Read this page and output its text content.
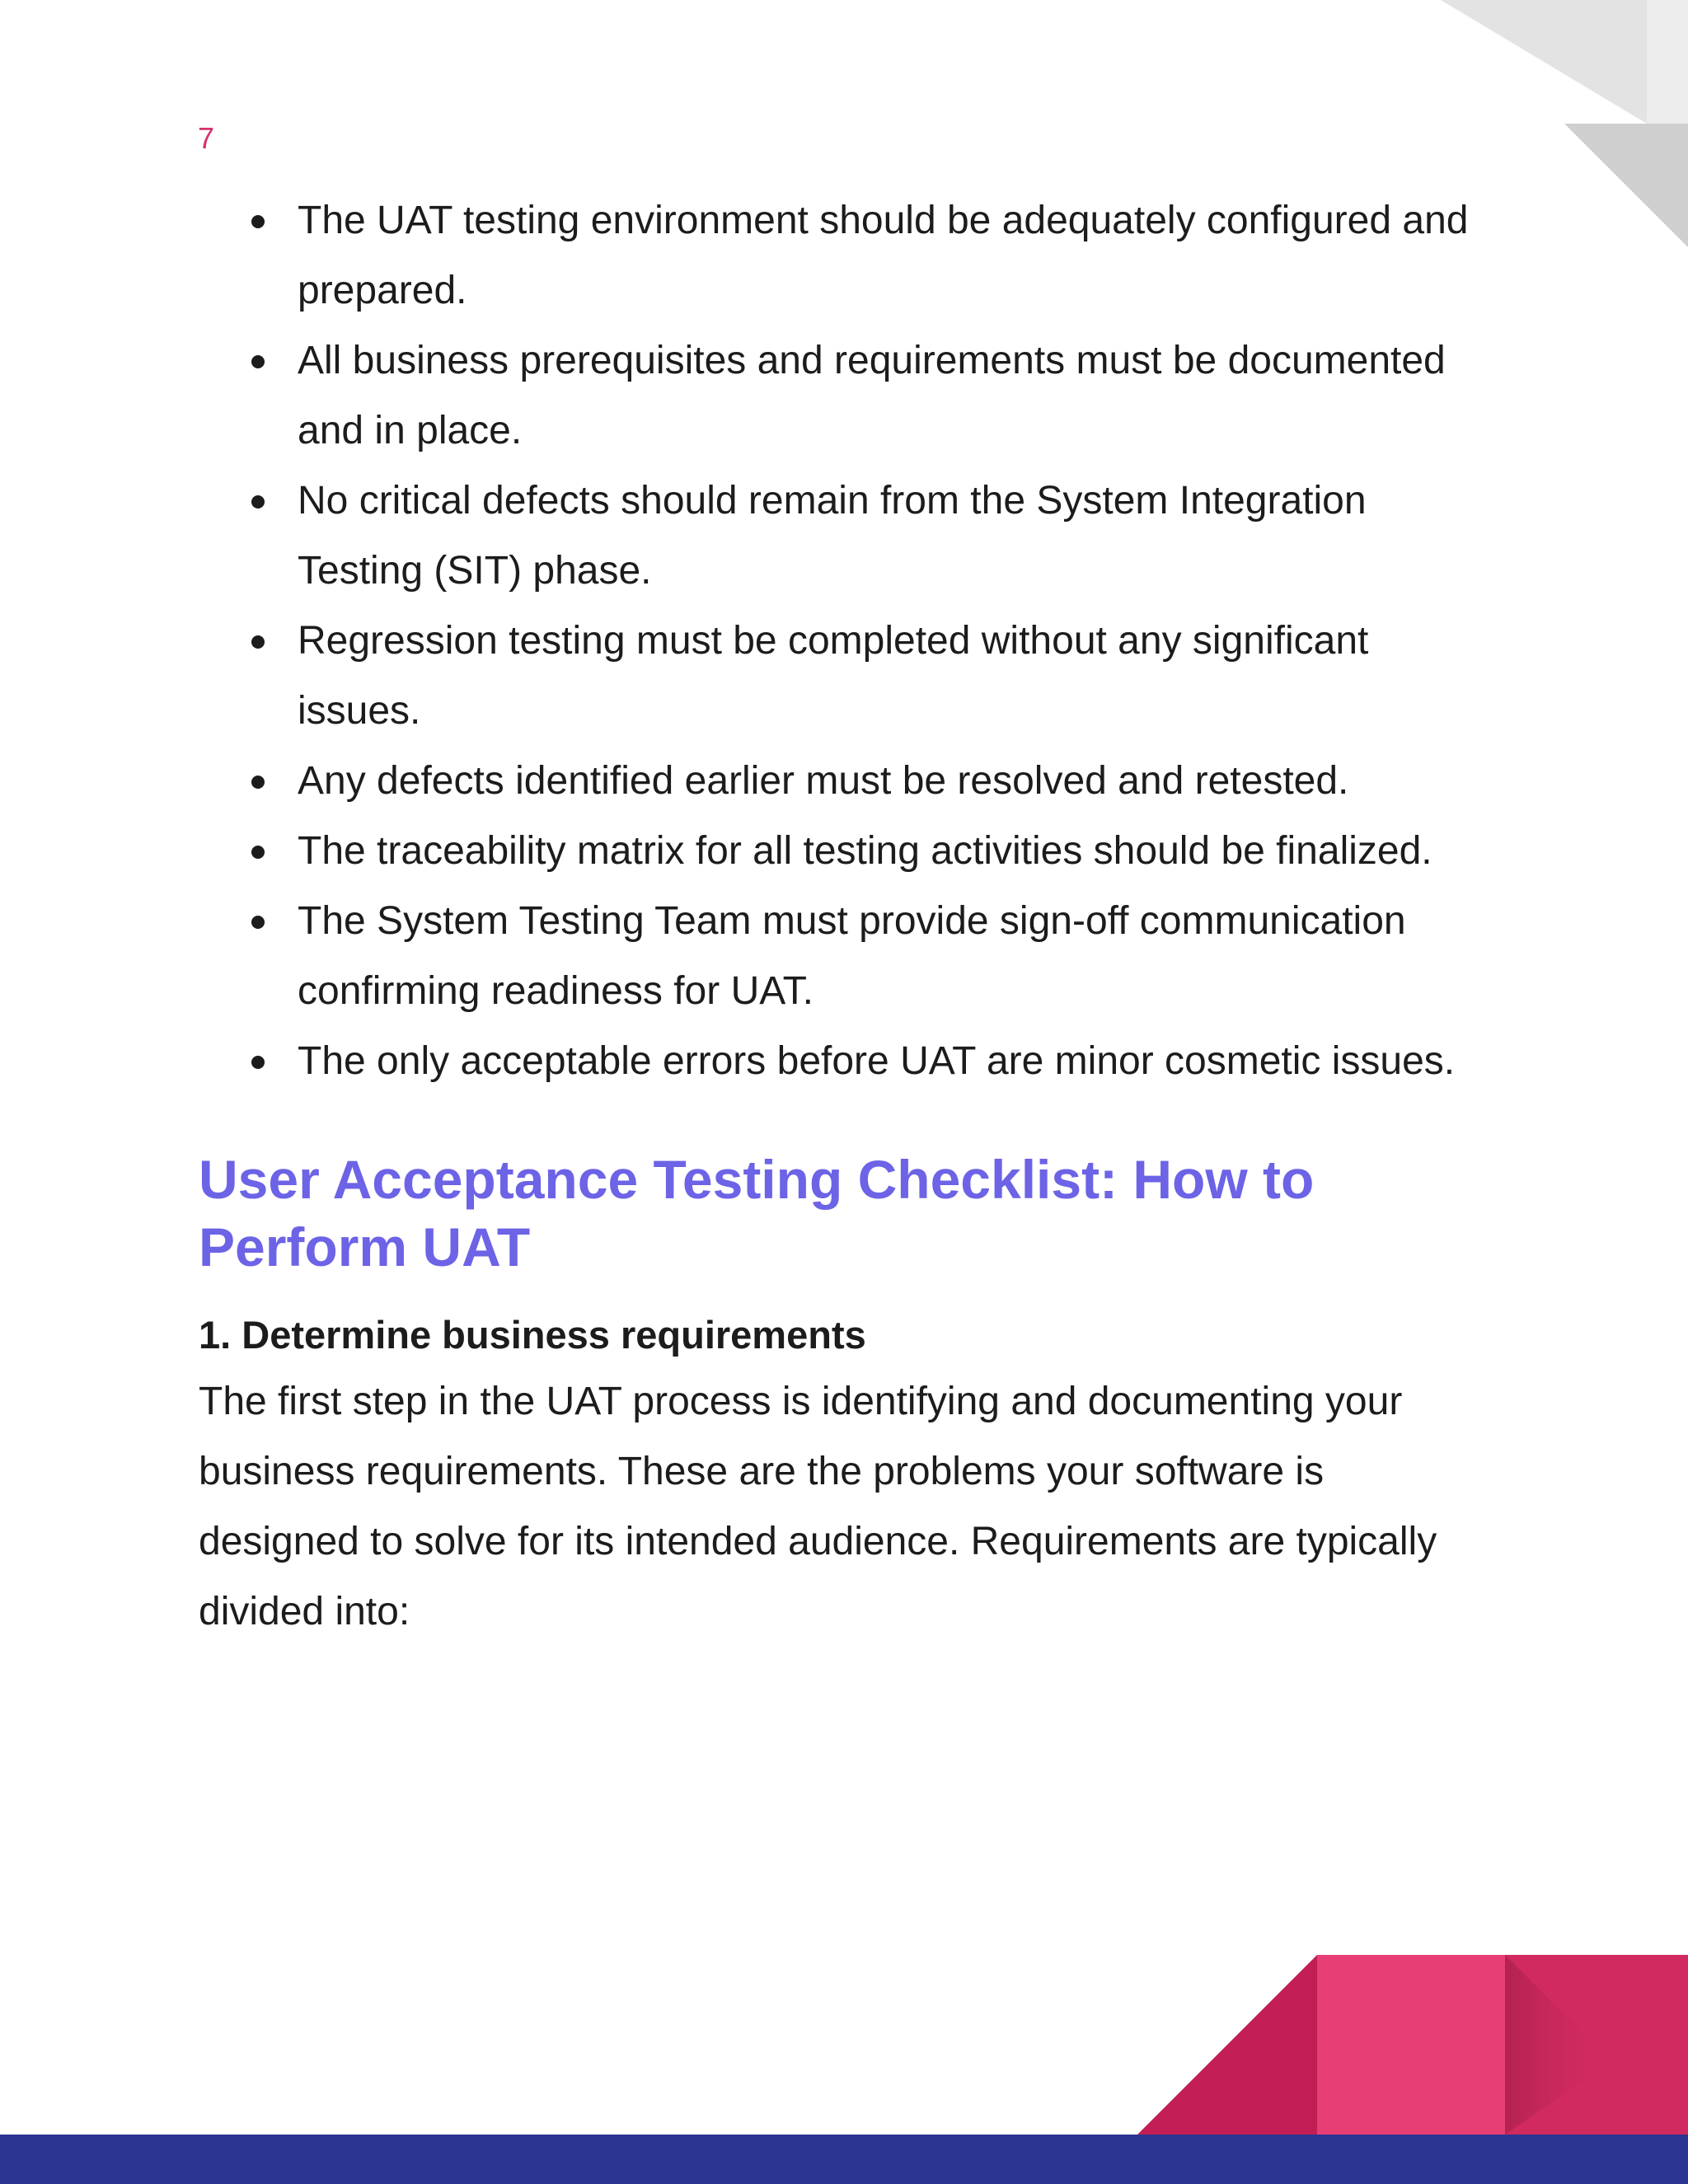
7
The UAT testing environment should be adequately configured and prepared.
All business prerequisites and requirements must be documented and in place.
No critical defects should remain from the System Integration Testing (SIT) phase.
Regression testing must be completed without any significant issues.
Any defects identified earlier must be resolved and retested.
The traceability matrix for all testing activities should be finalized.
The System Testing Team must provide sign-off communication confirming readiness for UAT.
The only acceptable errors before UAT are minor cosmetic issues.
User Acceptance Testing Checklist: How to Perform UAT
1. Determine business requirements

The first step in the UAT process is identifying and documenting your business requirements. These are the problems your software is designed to solve for its intended audience. Requirements are typically divided into:
